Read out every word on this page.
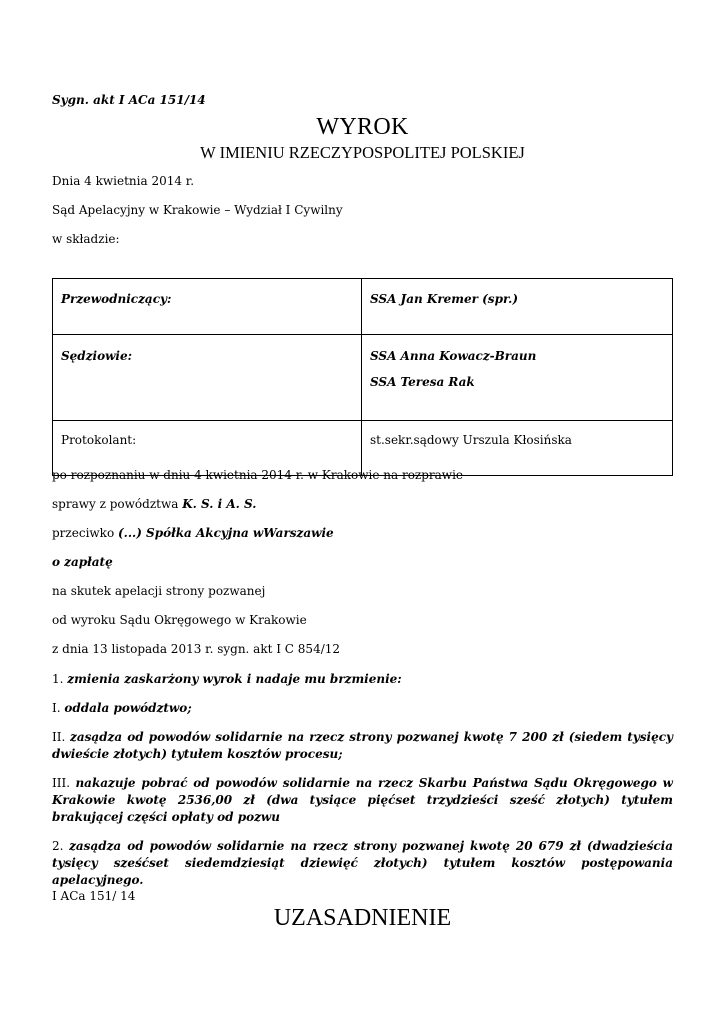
Sygn. akt I ACa 151/14
WYROK
W IMIENIU RZECZYPOSPOLITEJ POLSKIEJ
Dnia 4 kwietnia 2014 r.
Sąd Apelacyjny w Krakowie – Wydział I Cywilny
w składzie:
Przewodniczący:	SSA Jan Kremer (spr.)
Sędziowie:	SSA Anna Kowacz-Braun
SSA Teresa Rak

Protokolant:	st.sekr.sądowy Urszula Kłosińska
po rozpoznaniu w dniu 4 kwietnia 2014 r. w Krakowie na rozprawie
sprawy z powództwa K. S. i A. S.
przeciwko (...) Spółka Akcyjna wWarszawie
o zapłatę
na skutek apelacji strony pozwanej
od wyroku Sądu Okręgowego w Krakowie
z dnia 13 listopada 2013 r. sygn. akt I C 854/12
1. zmienia zaskarżony wyrok i nadaje mu brzmienie:
I. oddala powództwo;
II. zasądza od powodów solidarnie na rzecz strony pozwanej kwotę 7 200 zł (siedem tysięcy dwieście złotych) tytułem kosztów procesu;
III. nakazuje pobrać od powodów solidarnie na rzecz Skarbu Państwa Sądu Okręgowego w Krakowie kwotę 2536,00 zł (dwa tysiące pięćset trzydzieści sześć złotych) tytułem brakującej części opłaty od pozwu
2. zasądza od powodów solidarnie na rzecz strony pozwanej kwotę 20 679 zł (dwadzieścia tysięcy sześćset siedemdziesiąt dziewięć złotych) tytułem kosztów postępowania apelacyjnego.
I ACa 151/ 14
UZASADNIENIE
